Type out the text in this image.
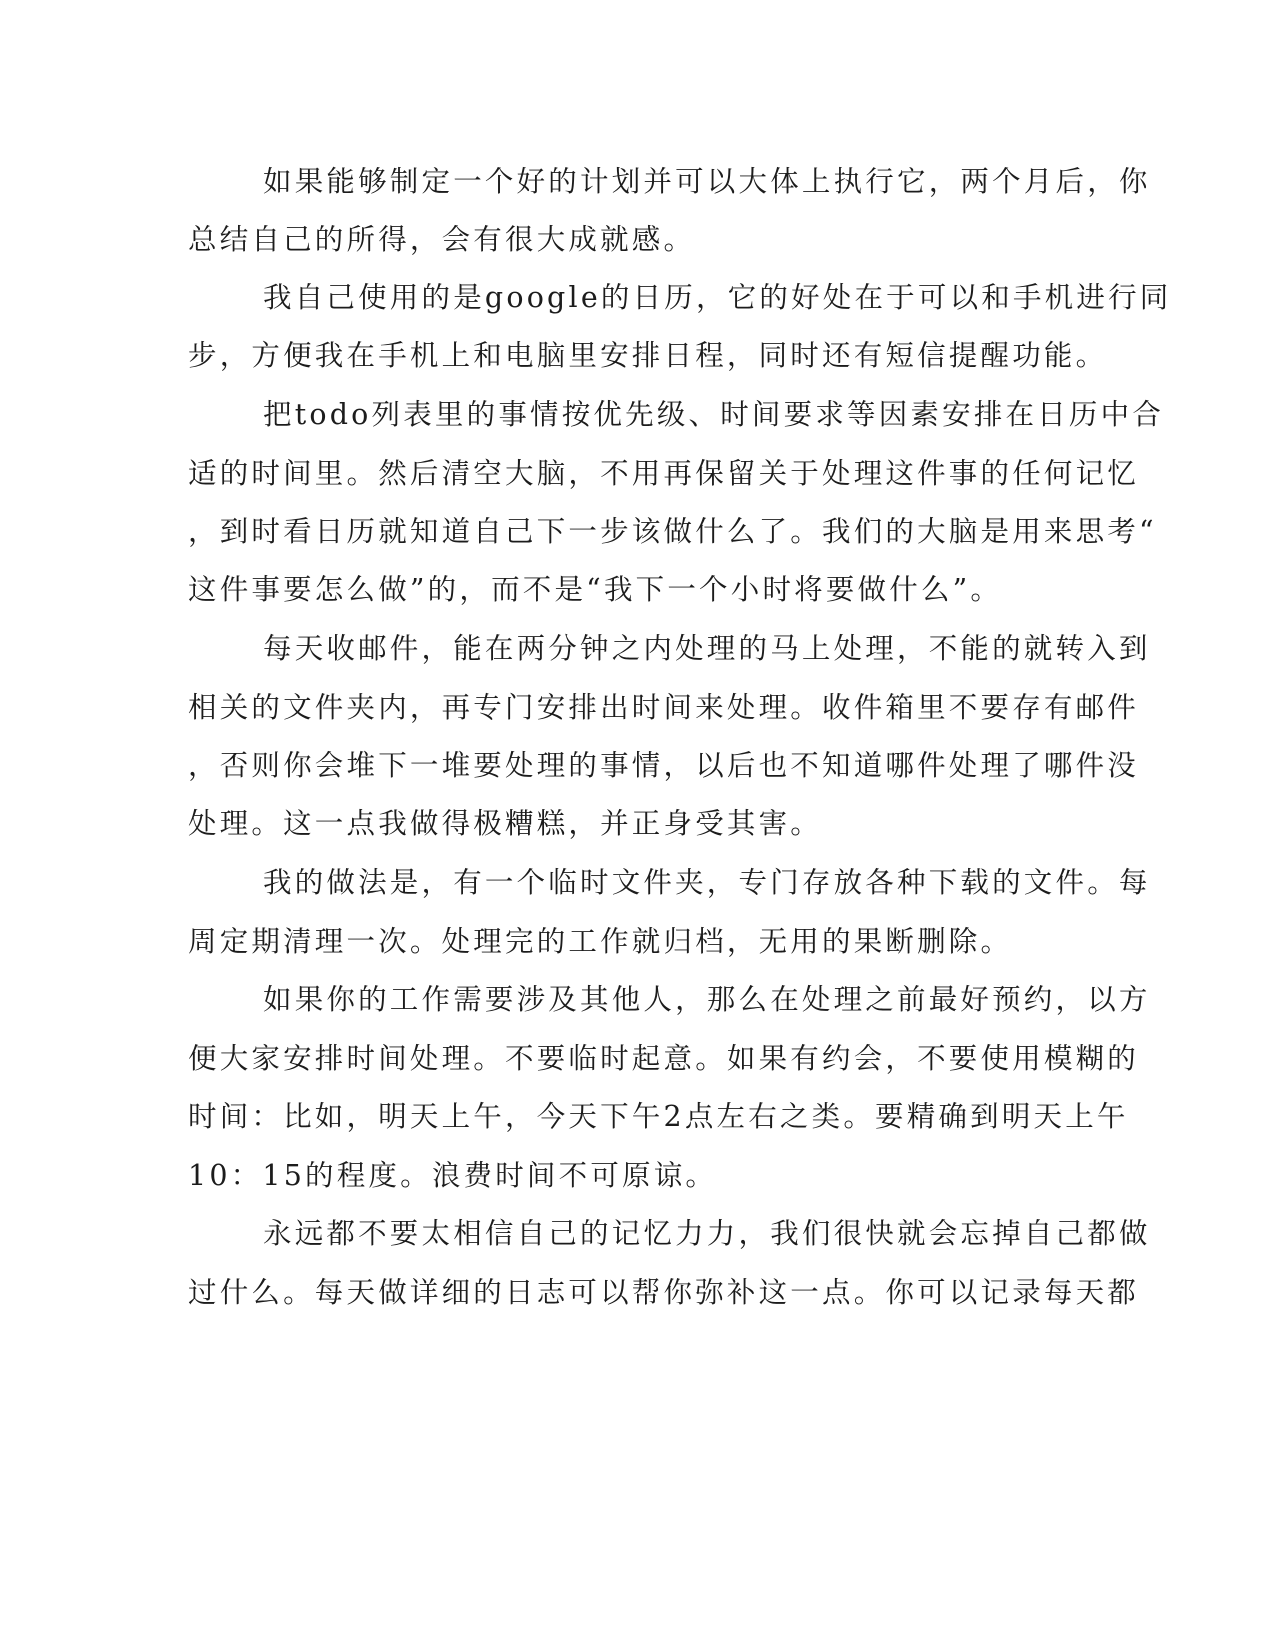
如果能够制定一个好的计划并可以大体上执行它，两个月后，你
总结自己的所得，会有很大成就感。
我自己使用的是google的日历，它的好处在于可以和手机进行同
步，方便我在手机上和电脑里安排日程，同时还有短信提醒功能。
把todo列表里的事情按优先级、时间要求等因素安排在日历中合
适的时间里。然后清空大脑，不用再保留关于处理这件事的任何记忆
，到时看日历就知道自己下一步该做什么了。我们的大脑是用来思考“
这件事要怎么做”的，而不是“我下一个小时将要做什么”。
每天收邮件，能在两分钟之内处理的马上处理，不能的就转入到
相关的文件夹内，再专门安排出时间来处理。收件箱里不要存有邮件
，否则你会堆下一堆要处理的事情，以后也不知道哪件处理了哪件没
处理。这一点我做得极糟糕，并正身受其害。
我的做法是，有一个临时文件夹，专门存放各种下载的文件。每
周定期清理一次。处理完的工作就归档，无用的果断删除。
如果你的工作需要涉及其他人，那么在处理之前最好预约，以方
便大家安排时间处理。不要临时起意。如果有约会，不要使用模糊的
时间：比如，明天上午，今天下午2点左右之类。要精确到明天上午
10：15的程度。浪费时间不可原谅。
永远都不要太相信自己的记忆力力，我们很快就会忘掉自己都做
过什么。每天做详细的日志可以帮你弥补这一点。你可以记录每天都
